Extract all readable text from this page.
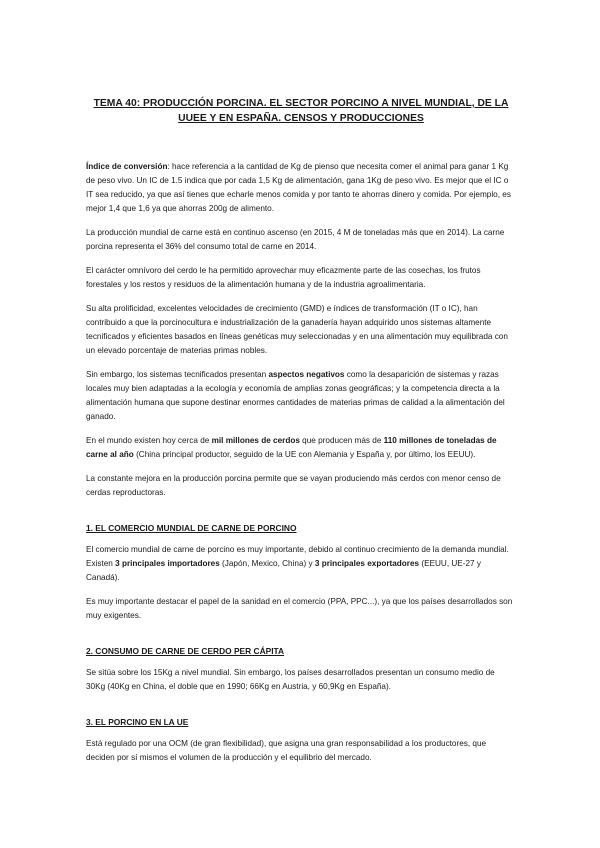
TEMA 40: PRODUCCIÓN PORCINA. EL SECTOR PORCINO A NIVEL MUNDIAL, DE LA UUEE Y EN ESPAÑA. CENSOS Y PRODUCCIONES

Índice de conversión: hace referencia a la cantidad de Kg de pienso que necesita comer el animal para ganar 1 Kg de peso vivo. Un IC de 1.5 indica que por cada 1,5 Kg de alimentación, gana 1Kg de peso vivo. Es mejor que el IC o IT sea reducido, ya que así tienes que echarle menos comida y por tanto te ahorras dinero y comida. Por ejemplo, es mejor 1,4 que 1,6 ya que ahorras 200g de alimento.

La producción mundial de carne está en continuo ascenso (en 2015, 4 M de toneladas más que en 2014). La carne porcina representa el 36% del consumo total de carne en 2014.

El carácter omnívoro del cerdo le ha permitido aprovechar muy eficazmente parte de las cosechas, los frutos forestales y los restos y residuos de la alimentación humana y de la industria agroalimentaria.

Su alta prolificidad, excelentes velocidades de crecimiento (GMD) e índices de transformación (IT o IC), han contribuido a que la porcinocultura e industrialización de la ganadería hayan adquirido unos sistemas altamente tecnificados y eficientes basados en líneas genéticas muy seleccionadas y en una alimentación muy equilibrada con un elevado porcentaje de materias primas nobles.

Sin embargo, los sistemas tecnificados presentan aspectos negativos como la desaparición de sistemas y razas locales muy bien adaptadas a la ecología y economía de amplias zonas geográficas; y la competencia directa a la alimentación humana que supone destinar enormes cantidades de materias primas de calidad a la alimentación del ganado.

En el mundo existen hoy cerca de mil millones de cerdos que producen más de 110 millones de toneladas de carne al año (China principal productor, seguido de la UE con Alemania y España y, por último, los EEUU).

La constante mejora en la producción porcina permite que se vayan produciendo más cerdos con menor censo de cerdas reproductoras.

1. EL COMERCIO MUNDIAL DE CARNE DE PORCINO

El comercio mundial de carne de porcino es muy importante, debido al continuo crecimiento de la demanda mundial. Existen 3 principales importadores (Japón, Mexico, China) y 3 principales exportadores (EEUU, UE-27 y Canadá).

Es muy importante destacar el papel de la sanidad en el comercio (PPA, PPC...), ya que los países desarrollados son muy exigentes.

2. CONSUMO DE CARNE DE CERDO PER CÁPITA

Se sitúa sobre los 15Kg a nivel mundial. Sin embargo, los países desarrollados presentan un consumo medio de 30Kg (40Kg en China, el doble que en 1990; 66Kg en Austria, y 60,9Kg en España).

3. EL PORCINO EN LA UE

Está regulado por una OCM (de gran flexibilidad), que asigna una gran responsabilidad a los productores, que deciden por sí mismos el volumen de la producción y el equilibrio del mercado.
